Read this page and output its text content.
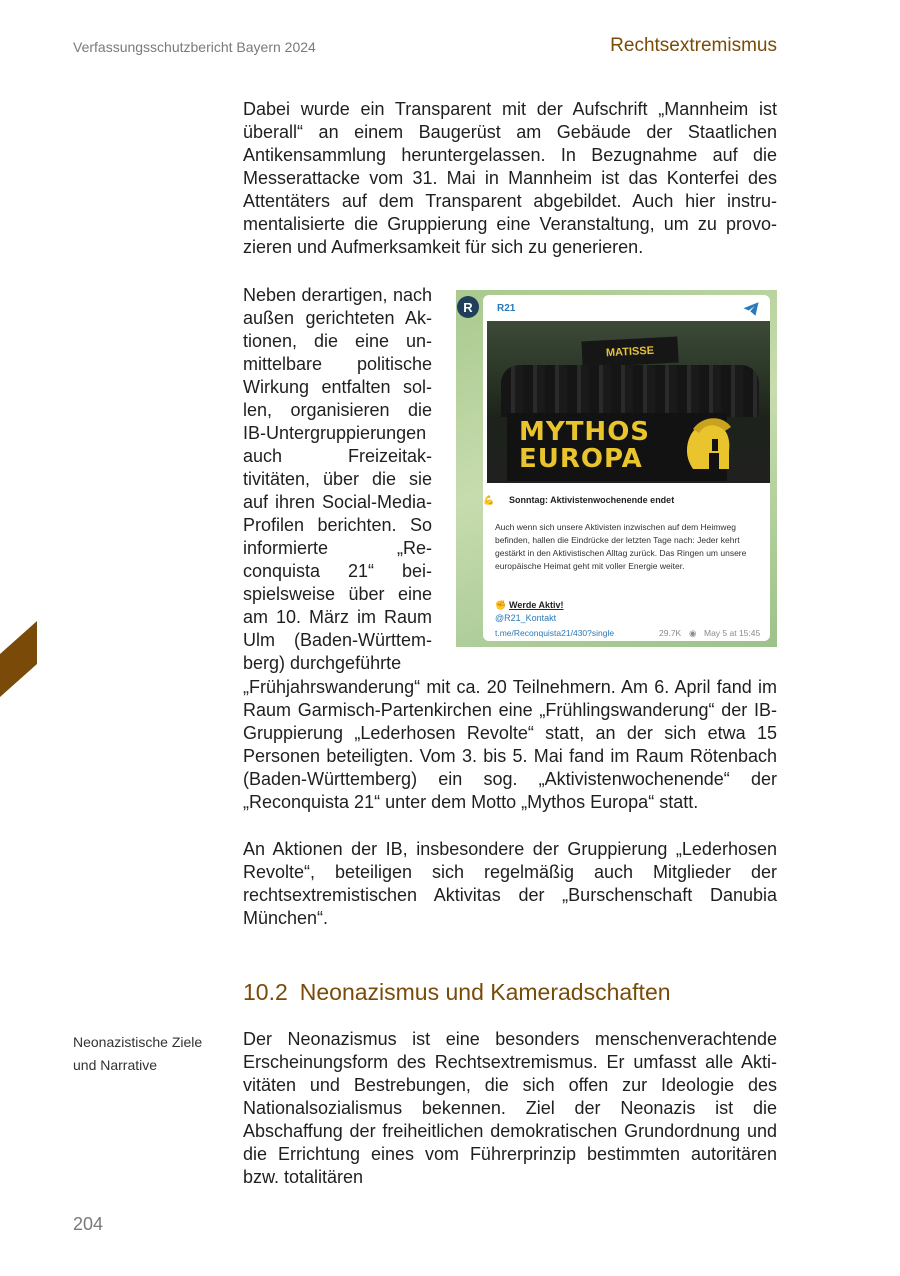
Verfassungsschutzbericht Bayern 2024	Rechtsextremismus

Dabei wurde ein Transparent mit der Aufschrift „Mannheim ist überall“ an einem Baugerüst am Gebäude der Staatlichen Antikensammlung heruntergelassen. In Bezugnahme auf die Messerattacke vom 31. Mai in Mannheim ist das Konterfei des Attentäters auf dem Transparent abgebildet. Auch hier instrumentalisierte die Gruppierung eine Veranstaltung, um zu provozieren und Aufmerksamkeit für sich zu generieren.

Neben derartigen, nach außen gerichteten Aktionen, die eine unmittelbare politische Wirkung entfalten sollen, organisieren die IB-Untergruppierungen auch Freizeitaktivitäten, über die sie auf ihren Social-Media-Profilen berichten. So informierte „Reconquista 21“ beispielsweise über eine am 10. März im Raum Ulm (Baden-Württemberg) durchgeführte

R	R21
MATISSE

MYTHOS
EUROPA

💪 Sonntag: Aktivistenwochenende endet

Auch wenn sich unsere Aktivisten inzwischen auf dem Heimweg befinden, hallen die Eindrücke der letzten Tage nach: Jeder kehrt gestärkt in den Aktivistischen Alltag zurück. Das Ringen um unsere europäische Heimat geht mit voller Energie weiter.

✊ Werde Aktiv!
@R21_Kontakt
t.me/Reconquista21/430?single	29.7K ◉ May 5 at 15:45

„Frühjahrswanderung“ mit ca. 20 Teilnehmern. Am 6. April fand im Raum Garmisch-Partenkirchen eine „Frühlingswanderung“ der IB-Gruppierung „Lederhosen Revolte“ statt, an der sich etwa 15 Personen beteiligten. Vom 3. bis 5. Mai fand im Raum Rötenbach (Baden-Württemberg) ein sog. „Aktivistenwochenende“ der „Reconquista 21“ unter dem Motto „Mythos Europa“ statt.

An Aktionen der IB, insbesondere der Gruppierung „Lederhosen Revolte“, beteiligen sich regelmäßig auch Mitglieder der rechtsextremistischen Aktivitas der „Burschenschaft Danubia München“.

10.2 Neonazismus und Kameradschaften
Neonazistische Ziele und Narrative

Der Neonazismus ist eine besonders menschenverachtende Erscheinungsform des Rechtsextremismus. Er umfasst alle Aktivitäten und Bestrebungen, die sich offen zur Ideologie des Nationalsozialismus bekennen. Ziel der Neonazis ist die Abschaffung der freiheitlichen demokratischen Grundordnung und die Errichtung eines vom Führerprinzip bestimmten autoritären bzw. totalitären

204
